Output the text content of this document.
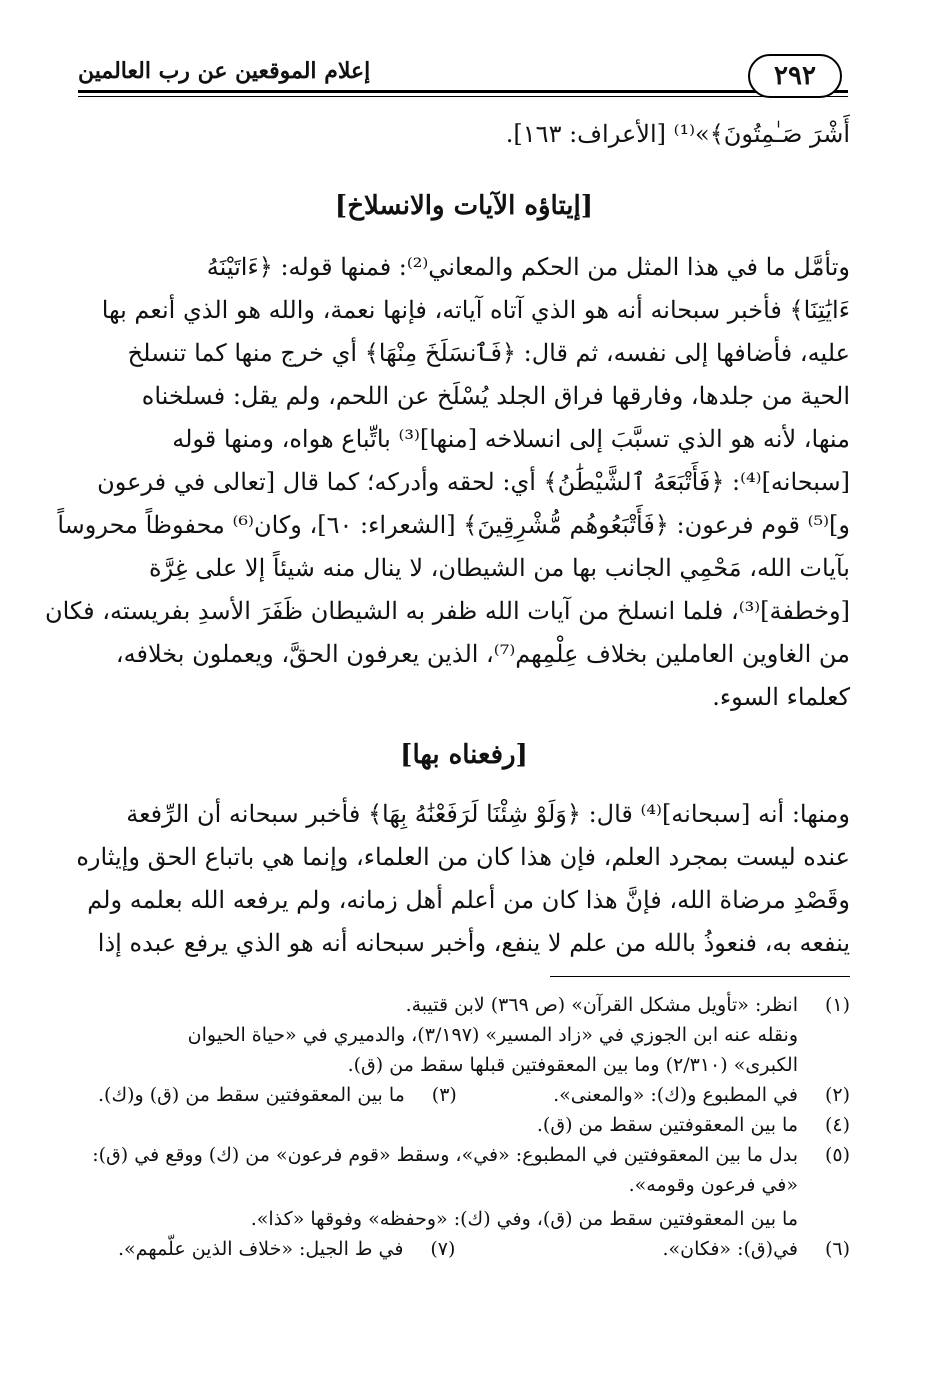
إعلام الموقعين عن رب العالمين	٢٩٢
أَشْرَ صَـٰمِتُونَ﴾»⁽¹⁾ [الأعراف: ١٦٣].
[إيتاؤه الآيات والانسلاخ]
وتأمَّل ما في هذا المثل من الحكم والمعاني⁽²⁾: فمنها قوله: ﴿ءَاتَيْنَهُ
ءَايَٰتِنَا﴾ فأخبر سبحانه أنه هو الذي آتاه آياته، فإنها نعمة، والله هو الذي أنعم بها
عليه، فأضافها إلى نفسه، ثم قال: ﴿فَٱنسَلَخَ مِنْهَا﴾ أي خرج منها كما تنسلخ
الحية من جلدها، وفارقها فراق الجلد يُسْلَخ عن اللحم، ولم يقل: فسلخناه
منها، لأنه هو الذي تسبَّبَ إلى انسلاخه [منها]⁽³⁾ باتِّباع هواه، ومنها قوله
[سبحانه]⁽⁴⁾: ﴿فَأَتْبَعَهُ ٱلشَّيْطَٰنُ﴾ أي: لحقه وأدركه؛ كما قال [تعالى في فرعون
و]⁽⁵⁾ قوم فرعون: ﴿فَأَتْبَعُوهُم مُّشْرِقِينَ﴾ [الشعراء: ٦٠]، وكان⁽⁶⁾ محفوظاً محروساً
بآيات الله، مَحْمِي الجانب بها من الشيطان، لا ينال منه شيئاً إلا على غِرَّة
[وخطفة]⁽³⁾، فلما انسلخ من آيات الله ظفر به الشيطان ظَفَرَ الأسدِ بفريسته، فكان
من الغاوين العاملين بخلاف عِلْمِهم⁽⁷⁾، الذين يعرفون الحقَّ، ويعملون بخلافه،
كعلماء السوء.
[رفعناه بها]
ومنها: أنه [سبحانه]⁽⁴⁾ قال: ﴿وَلَوْ شِئْنَا لَرَفَعْنَٰهُ بِهَا﴾ فأخبر سبحانه أن الرِّفعة
عنده ليست بمجرد العلم، فإن هذا كان من العلماء، وإنما هي باتباع الحق وإيثاره
وقَصْدِ مرضاة الله، فإنَّ هذا كان من أعلم أهل زمانه، ولم يرفعه الله بعلمه ولم
ينفعه به، فنعوذُ بالله من علم لا ينفع، وأخبر سبحانه أنه هو الذي يرفع عبده إذا
(١)انظر: «تأويل مشكل القرآن» (ص ٣٦٩) لابن قتيبة.
ونقله عنه ابن الجوزي في «زاد المسير» (٣/١٩٧)، والدميري في «حياة الحيوان
الكبرى» (٢/٣١٠) وما بين المعقوفتين قبلها سقط من (ق).
(٢)في المطبوع و(ك): «والمعنى».
(٣)ما بين المعقوفتين سقط من (ق) و(ك).
(٤)ما بين المعقوفتين سقط من (ق).
(٥)بدل ما بين المعقوفتين في المطبوع: «في»، وسقط «قوم فرعون» من (ك) ووقع في (ق):
«في فرعون وقومه».
ما بين المعقوفتين سقط من (ق)، وفي (ك): «وحفظه» وفوقها «كذا».
(٦)في(ق): «فكان».
(٧)في ط الجيل: «خلاف الذين علّمهم».
